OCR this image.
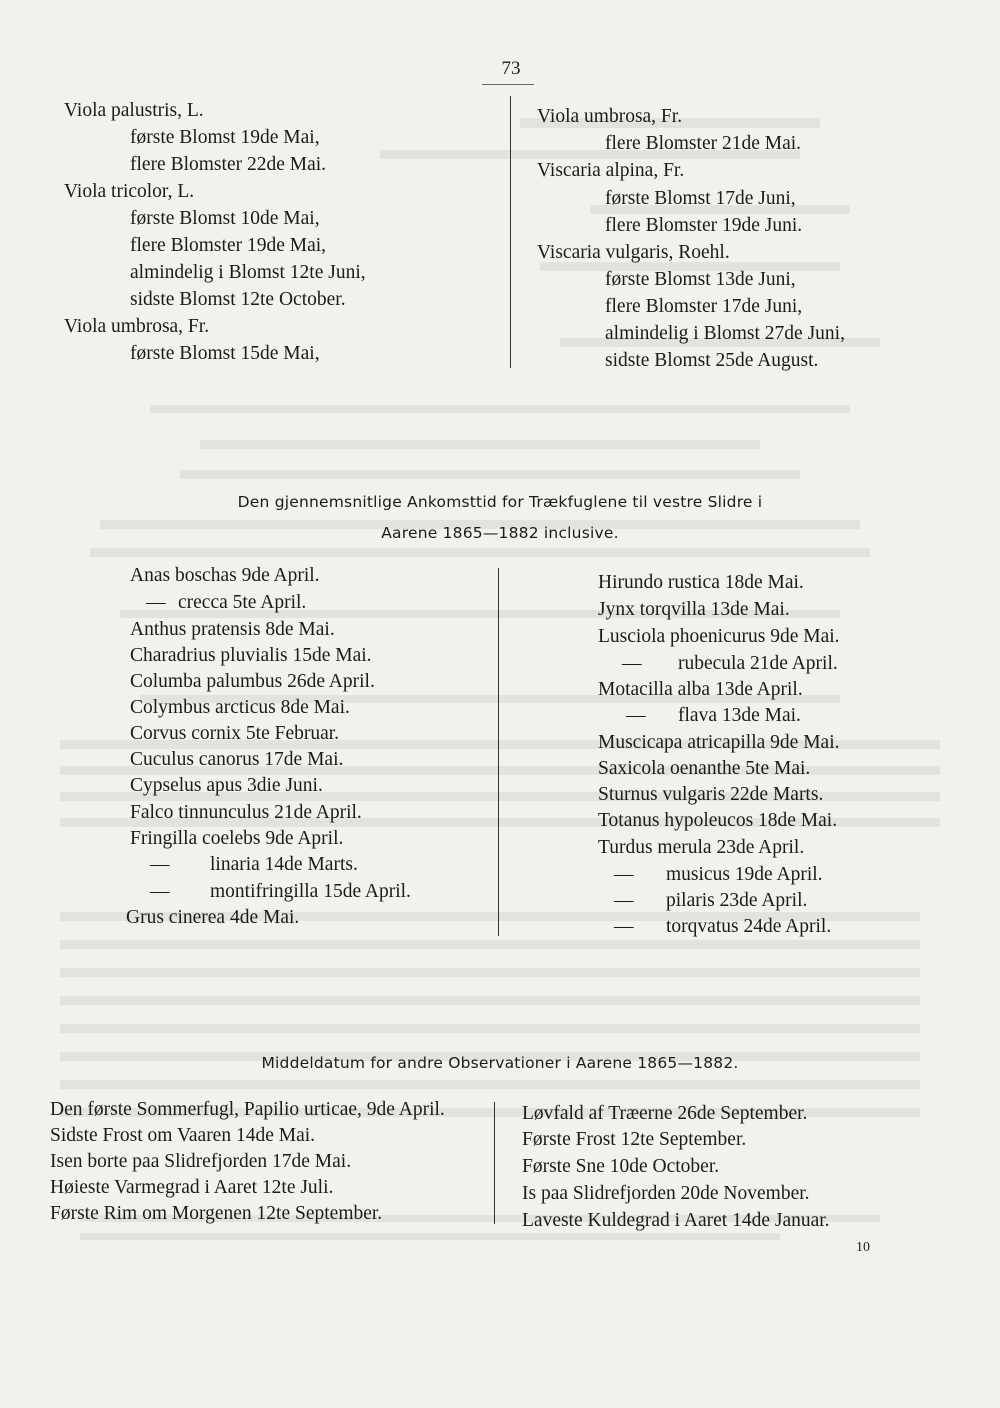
73
Viola palustris, L.
første Blomst 19de Mai,
flere Blomster 22de Mai.
Viola tricolor, L.
første Blomst 10de Mai,
flere Blomster 19de Mai,
almindelig i Blomst 12te Juni,
sidste Blomst 12te October.
Viola umbrosa, Fr.
første Blomst 15de Mai,
Viola umbrosa, Fr.
flere Blomster 21de Mai.
Viscaria alpina, Fr.
første Blomst 17de Juni,
flere Blomster 19de Juni.
Viscaria vulgaris, Roehl.
første Blomst 13de Juni,
flere Blomster 17de Juni,
almindelig i Blomst 27de Juni,
sidste Blomst 25de August.
Den gjennemsnitlige Ankomsttid for Trækfuglene til vestre Slidre i
Aarene 1865—1882 inclusive.
Anas boschas 9de April.
— crecca 5te April.
Anthus pratensis 8de Mai.
Charadrius pluvialis 15de Mai.
Columba palumbus 26de April.
Colymbus arcticus 8de Mai.
Corvus cornix 5te Februar.
Cuculus canorus 17de Mai.
Cypselus apus 3die Juni.
Falco tinnunculus 21de April.
Fringilla coelebs 9de April.
— linaria 14de Marts.
— montifringilla 15de April.
Grus cinerea 4de Mai.
Hirundo rustica 18de Mai.
Jynx torqvilla 13de Mai.
Lusciola phoenicurus 9de Mai.
— rubecula 21de April.
Motacilla alba 13de April.
— flava 13de Mai.
Muscicapa atricapilla 9de Mai.
Saxicola oenanthe 5te Mai.
Sturnus vulgaris 22de Marts.
Totanus hypoleucos 18de Mai.
Turdus merula 23de April.
— musicus 19de April.
— pilaris 23de April.
— torqvatus 24de April.
Middeldatum for andre Observationer i Aarene 1865—1882.
Den første Sommerfugl, Papilio urticae, 9de April.
Sidste Frost om Vaaren 14de Mai.
Isen borte paa Slidrefjorden 17de Mai.
Høieste Varmegrad i Aaret 12te Juli.
Første Rim om Morgenen 12te September.
Løvfald af Træerne 26de September.
Første Frost 12te September.
Første Sne 10de October.
Is paa Slidrefjorden 20de November.
Laveste Kuldegrad i Aaret 14de Januar.
10
